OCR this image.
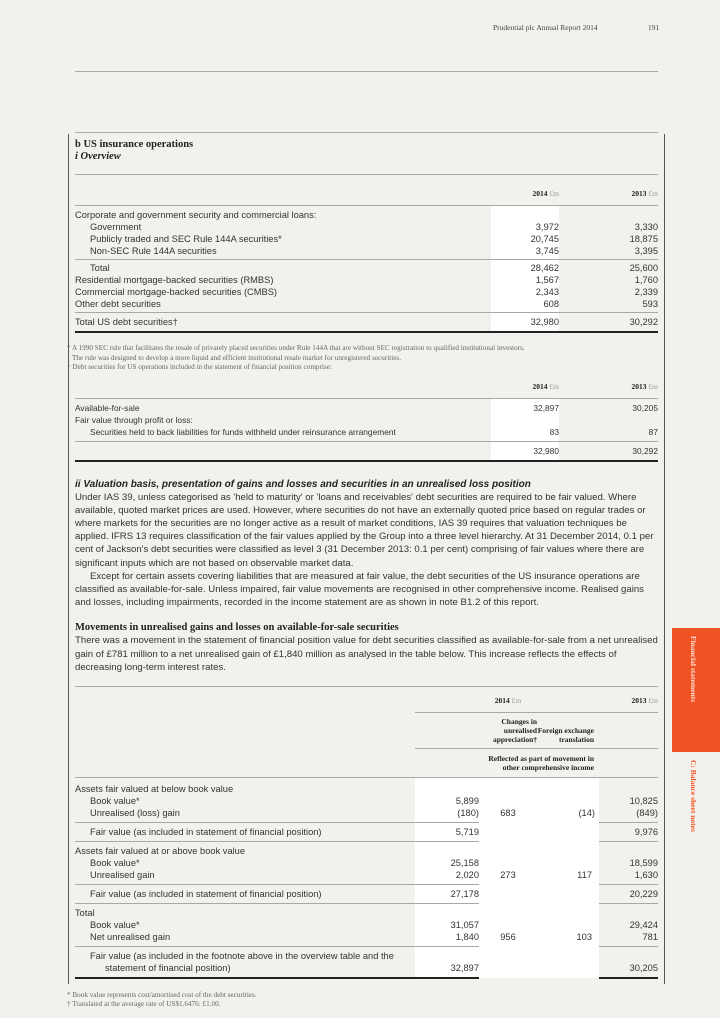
Prudential plc Annual Report 2014	191
Financial statements
C: Balance sheet notes
b US insurance operations
i Overview
	2014 £m		2013 £m
Corporate and government security and commercial loans:			
Government	3,972		3,330
Publicly traded and SEC Rule 144A securities*	20,745		18,875
Non-SEC Rule 144A securities	3,745		3,395
Total	28,462		25,600
Residential mortgage-backed securities (RMBS)	1,567		1,760
Commercial mortgage-backed securities (CMBS)	2,343		2,339
Other debt securities	608		593
Total US debt securities†	32,980		30,292
* A 1990 SEC rule that facilitates the resale of privately placed securities under Rule 144A that are without SEC registration to qualified institutional investors.
The rule was designed to develop a more liquid and efficient institutional resale market for unregistered securities.
† Debt securities for US operations included in the statement of financial position comprise:
	2014 £m		2013 £m
Available-for-sale	32,897		30,205
Fair value through profit or loss:			
Securities held to back liabilities for funds withheld under reinsurance arrangement	83		87
	32,980		30,292
ii Valuation basis, presentation of gains and losses and securities in an unrealised loss position
Under IAS 39, unless categorised as 'held to maturity' or 'loans and receivables' debt securities are required to be fair valued. Where available, quoted market prices are used. However, where securities do not have an externally quoted price based on regular trades or where markets for the securities are no longer active as a result of market conditions, IAS 39 requires that valuation techniques be applied. IFRS 13 requires classification of the fair values applied by the Group into a three level hierarchy. At 31 December 2014, 0.1 per cent of Jackson's debt securities were classified as level 3 (31 December 2013: 0.1 per cent) comprising of fair values where there are significant inputs which are not based on observable market data.
Except for certain assets covering liabilities that are measured at fair value, the debt securities of the US insurance operations are classified as available-for-sale. Unless impaired, fair value movements are recognised in other comprehensive income. Realised gains and losses, including impairments, recorded in the income statement are as shown in note B1.2 of this report.
Movements in unrealised gains and losses on available-for-sale securities
There was a movement in the statement of financial position value for debt securities classified as available-for-sale from a net unrealised gain of £781 million to a net unrealised gain of £1,840 million as analysed in the table below. This increase reflects the effects of decreasing long-term interest rates.
		2014 £m		2013 £m

		Changes in unrealised appreciation†	Foreign exchange translation	

		Reflected as part of movement in other comprehensive income		

Assets fair valued at below book value				
Book value*	5,899			10,825
Unrealised (loss) gain	(180)	683	(14)	(849)
Fair value (as included in statement of financial position)	5,719			9,976
Assets fair valued at or above book value				
Book value*	25,158			18,599
Unrealised gain	2,020	273	117	1,630
Fair value (as included in statement of financial position)	27,178			20,229
Total				
Book value*	31,057			29,424
Net unrealised gain	1,840	956	103	781

Fair value (as included in the footnote above in the overview table and the
statement of financial position)	32,897			30,205
* Book value represents cost/amortised cost of the debt securities.
† Translated at the average rate of US$1.6476: £1.00.
